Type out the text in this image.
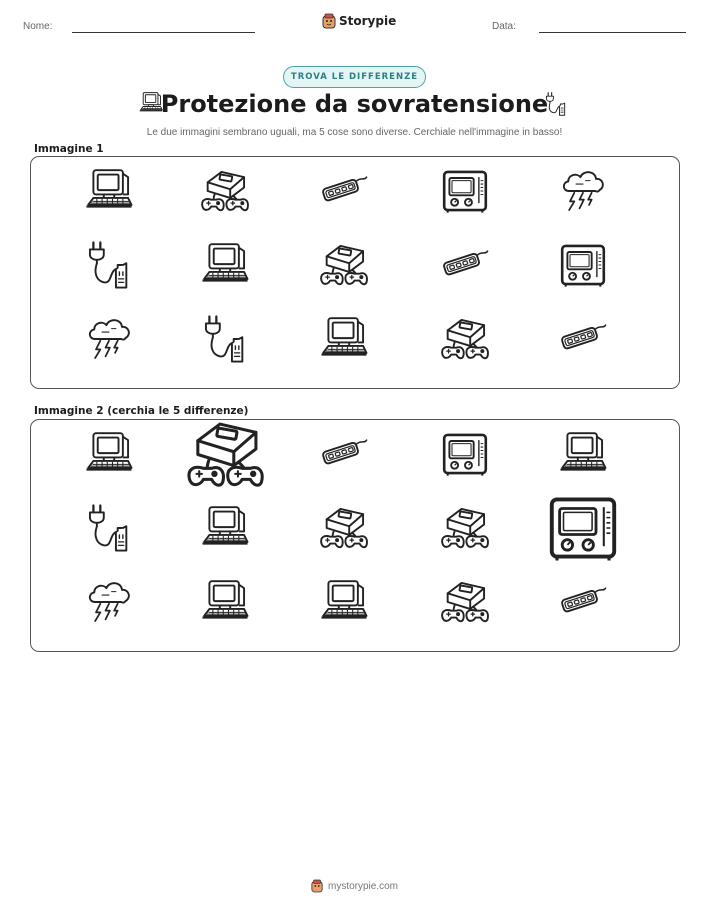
Nome:	Storypie	Data:
TROVA LE DIFFERENZE
Protezione da sovratensione
Le due immagini sembrano uguali, ma 5 cose sono diverse. Cerchiale nell'immagine in basso!
Immagine 1
Immagine 2 (cerchia le 5 differenze)
mystorypie.com
